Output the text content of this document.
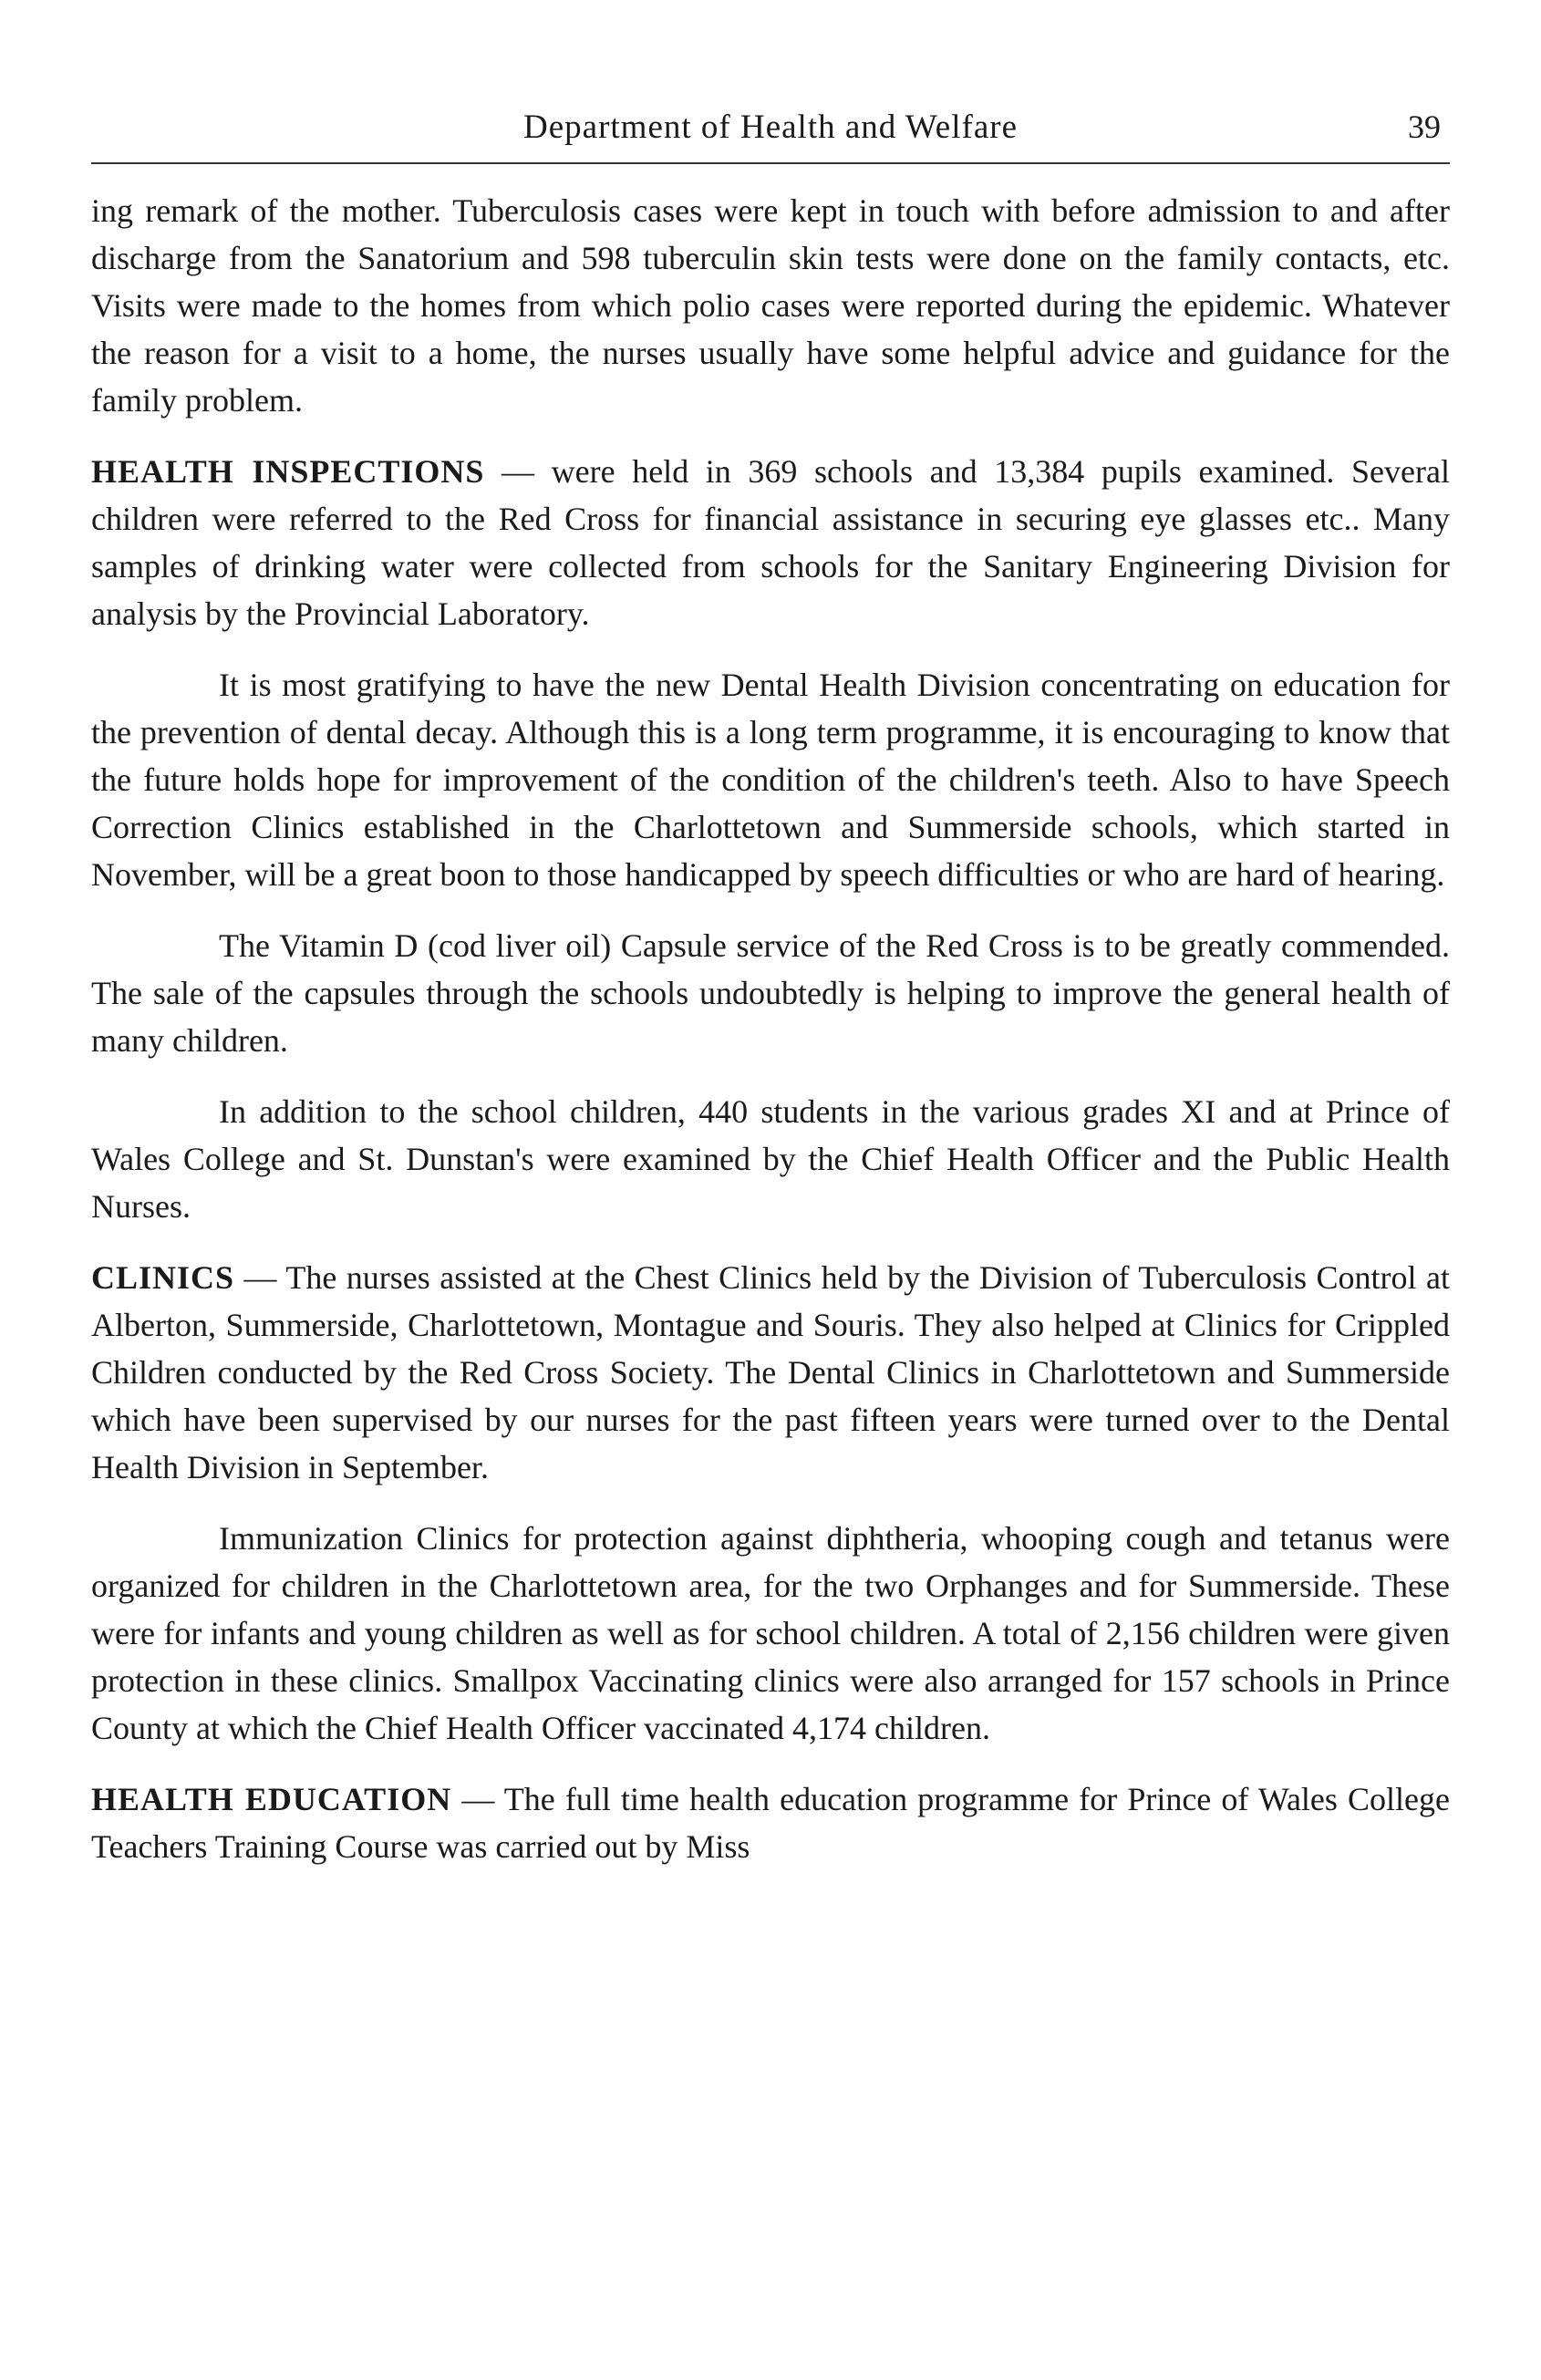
Department of Health and Welfare	39

ing remark of the mother. Tuberculosis cases were kept in touch with before admission to and after discharge from the Sanatorium and 598 tuberculin skin tests were done on the family contacts, etc. Visits were made to the homes from which polio cases were reported during the epidemic. Whatever the reason for a visit to a home, the nurses usually have some helpful advice and guidance for the family problem.

HEALTH INSPECTIONS — were held in 369 schools and 13,384 pupils examined. Several children were referred to the Red Cross for financial assistance in securing eye glasses etc.. Many samples of drinking water were collected from schools for the Sanitary Engineering Division for analysis by the Provincial Laboratory.

It is most gratifying to have the new Dental Health Division concentrating on education for the prevention of dental decay. Although this is a long term programme, it is encouraging to know that the future holds hope for improvement of the condition of the children's teeth. Also to have Speech Correction Clinics established in the Charlottetown and Summerside schools, which started in November, will be a great boon to those handicapped by speech difficulties or who are hard of hearing.

The Vitamin D (cod liver oil) Capsule service of the Red Cross is to be greatly commended. The sale of the capsules through the schools undoubtedly is helping to improve the general health of many children.

In addition to the school children, 440 students in the various grades XI and at Prince of Wales College and St. Dunstan's were examined by the Chief Health Officer and the Public Health Nurses.

CLINICS — The nurses assisted at the Chest Clinics held by the Division of Tuberculosis Control at Alberton, Summerside, Charlottetown, Montague and Souris. They also helped at Clinics for Crippled Children conducted by the Red Cross Society. The Dental Clinics in Charlottetown and Summerside which have been supervised by our nurses for the past fifteen years were turned over to the Dental Health Division in September.

Immunization Clinics for protection against diphtheria, whooping cough and tetanus were organized for children in the Charlottetown area, for the two Orphanges and for Summerside. These were for infants and young children as well as for school children. A total of 2,156 children were given protection in these clinics. Smallpox Vaccinating clinics were also arranged for 157 schools in Prince County at which the Chief Health Officer vaccinated 4,174 children.

HEALTH EDUCATION — The full time health education programme for Prince of Wales College Teachers Training Course was carried out by Miss
